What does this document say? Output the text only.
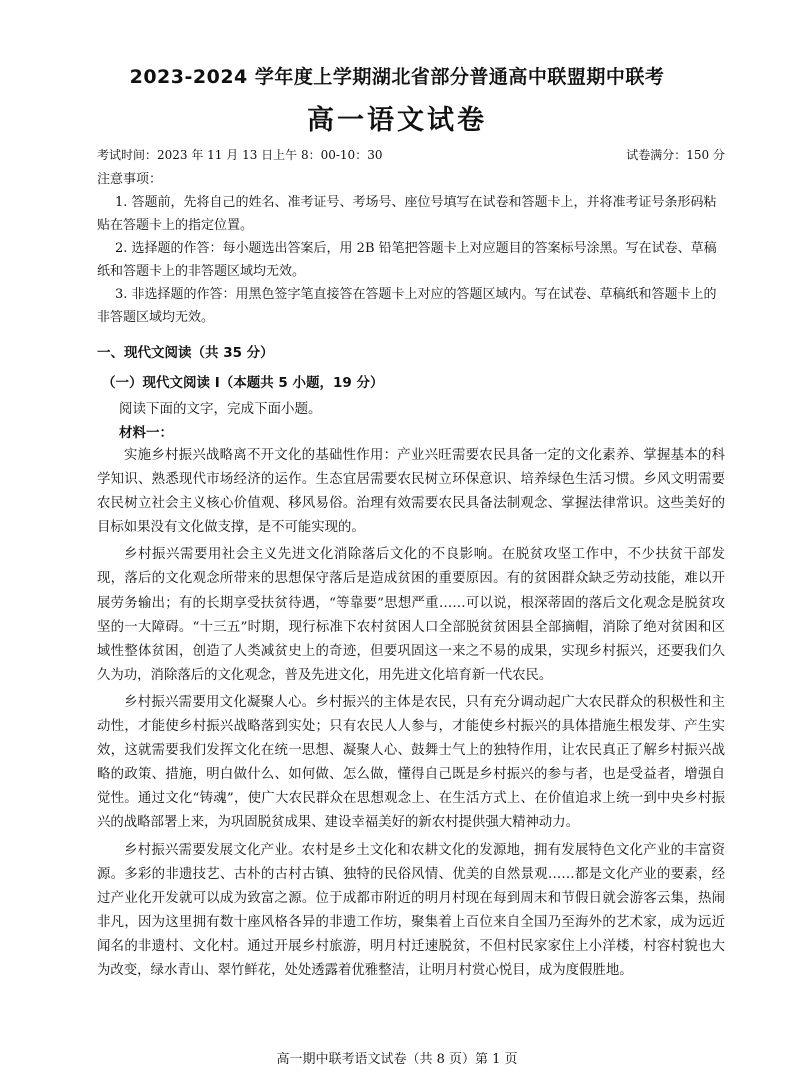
2023-2024 学年度上学期湖北省部分普通高中联盟期中联考
高一语文试卷
考试时间：2023 年 11 月 13 日上午 8：00-10：30	试卷满分：150 分

注意事项：

1. 答题前，先将自己的姓名、准考证号、考场号、座位号填写在试卷和答题卡上，并将准考证号条形码粘贴在答题卡上的指定位置。

2. 选择题的作答：每小题选出答案后，用 2B 铅笔把答题卡上对应题目的答案标号涂黑。写在试卷、草稿纸和答题卡上的非答题区域均无效。

3. 非选择题的作答：用黑色签字笔直接答在答题卡上对应的答题区域内。写在试卷、草稿纸和答题卡上的非答题区域均无效。

一、现代文阅读（共 35 分）
（一）现代文阅读 I（本题共 5 小题，19 分）
阅读下面的文字，完成下面小题。
材料一：

实施乡村振兴战略离不开文化的基础性作用：产业兴旺需要农民具备一定的文化素养、掌握基本的科学知识、熟悉现代市场经济的运作。生态宜居需要农民树立环保意识、培养绿色生活习惯。乡风文明需要农民树立社会主义核心价值观、移风易俗。治理有效需要农民具备法制观念、掌握法律常识。这些美好的目标如果没有文化做支撑，是不可能实现的。

乡村振兴需要用社会主义先进文化消除落后文化的不良影响。在脱贫攻坚工作中，不少扶贫干部发现，落后的文化观念所带来的思想保守落后是造成贫困的重要原因。有的贫困群众缺乏劳动技能，难以开展劳务输出；有的长期享受扶贫待遇，“等靠要”思想严重……可以说，根深蒂固的落后文化观念是脱贫攻坚的一大障碍。“十三五”时期，现行标准下农村贫困人口全部脱贫贫困县全部摘帽，消除了绝对贫困和区域性整体贫困，创造了人类减贫史上的奇迹，但要巩固这一来之不易的成果，实现乡村振兴，还要我们久久为功，消除落后的文化观念，普及先进文化，用先进文化培育新一代农民。

乡村振兴需要用文化凝聚人心。乡村振兴的主体是农民，只有充分调动起广大农民群众的积极性和主动性，才能使乡村振兴战略落到实处；只有农民人人参与，才能使乡村振兴的具体措施生根发芽、产生实效，这就需要我们发挥文化在统一思想、凝聚人心、鼓舞士气上的独特作用，让农民真正了解乡村振兴战略的政策、措施，明白做什么、如何做、怎么做，懂得自己既是乡村振兴的参与者，也是受益者，增强自觉性。通过文化“铸魂”，使广大农民群众在思想观念上、在生活方式上、在价值追求上统一到中央乡村振兴的战略部署上来，为巩固脱贫成果、建设幸福美好的新农村提供强大精神动力。

乡村振兴需要发展文化产业。农村是乡土文化和农耕文化的发源地，拥有发展特色文化产业的丰富资源。多彩的非遗技艺、古朴的古村古镇、独特的民俗风情、优美的自然景观……都是文化产业的要素，经过产业化开发就可以成为致富之源。位于成都市附近的明月村现在每到周末和节假日就会游客云集，热闹非凡，因为这里拥有数十座风格各异的非遗工作坊，聚集着上百位来自全国乃至海外的艺术家，成为远近闻名的非遗村、文化村。通过开展乡村旅游，明月村迁速脱贫，不但村民家家住上小洋楼，村容村貌也大为改变，绿水青山、翠竹鲜花，处处透露着优雅整洁，让明月村赏心悦目，成为度假胜地。

高一期中联考语文试卷（共 8 页）第 1 页
